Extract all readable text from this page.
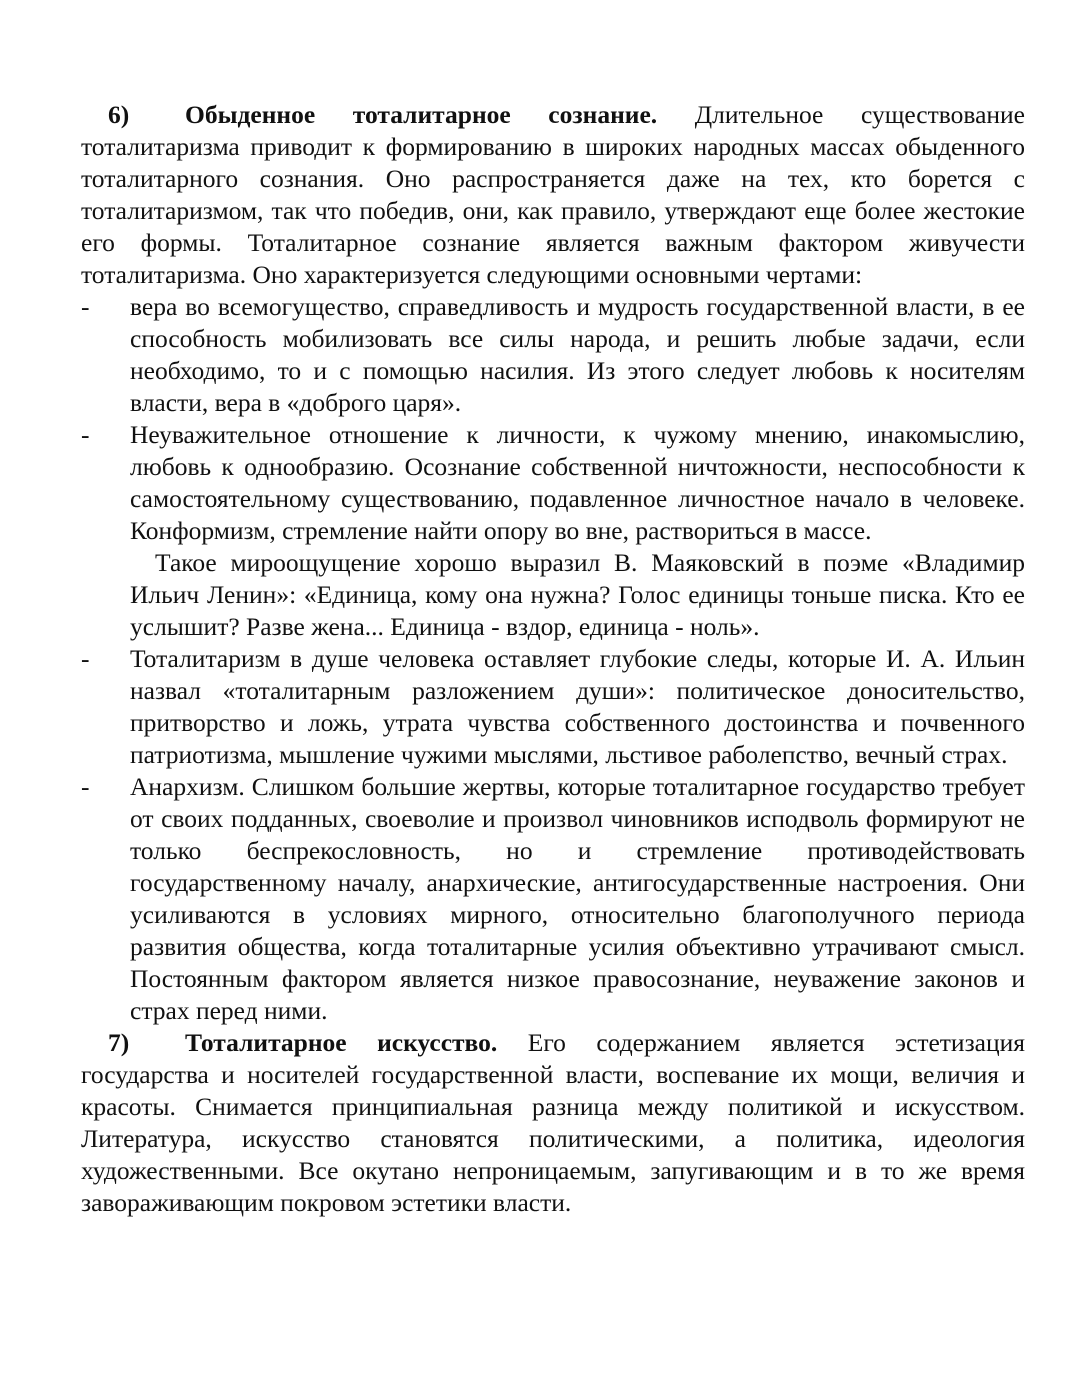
6) Обыденное тоталитарное сознание. Длительное существование тоталитаризма приводит к формированию в широких народных массах обыденного тоталитарного сознания. Оно распространяется даже на тех, кто борется с тоталитаризмом, так что победив, они, как правило, утверждают еще более жестокие его формы. Тоталитарное сознание является важным фактором живучести тоталитаризма. Оно характеризуется следующими основными чертами:

- вера во всемогущество, справедливость и мудрость государственной власти, в ее способность мобилизовать все силы народа, и решить любые задачи, если необходимо, то и с помощью насилия. Из этого следует любовь к носителям власти, вера в «доброго царя».
- Неуважительное отношение к личности, к чужому мнению, инакомыслию, любовь к однообразию. Осознание собственной ничтожности, неспособности к самостоятельному существованию, подавленное личностное начало в человеке. Конформизм, стремление найти опору во вне, раствориться в массе.

Такое мироощущение хорошо выразил В. Маяковский в поэме «Владимир Ильич Ленин»: «Единица, кому она нужна? Голос единицы тоньше писка. Кто ее услышит? Разве жена... Единица - вздор, единица - ноль».

- Тоталитаризм в душе человека оставляет глубокие следы, которые И. А. Ильин назвал «тоталитарным разложением души»: политическое доносительство, притворство и ложь, утрата чувства собственного достоинства и почвенного патриотизма, мышление чужими мыслями, льстивое раболепство, вечный страх.
- Анархизм. Слишком большие жертвы, которые тоталитарное государство требует от своих подданных, своеволие и произвол чиновников исподволь формируют не только беспрекословность, но и стремление противодействовать государственному началу, анархические, антигосударственные настроения. Они усиливаются в условиях мирного, относительно благополучного периода развития общества, когда тоталитарные усилия объективно утрачивают смысл. Постоянным фактором является низкое правосознание, неуважение законов и страх перед ними.

7) Тоталитарное искусство. Его содержанием является эстетизация государства и носителей государственной власти, воспевание их мощи, величия и красоты. Снимается принципиальная разница между политикой и искусством. Литература, искусство становятся политическими, а политика, идеология художественными. Все окутано непроницаемым, запугивающим и в то же время завораживающим покровом эстетики власти.
